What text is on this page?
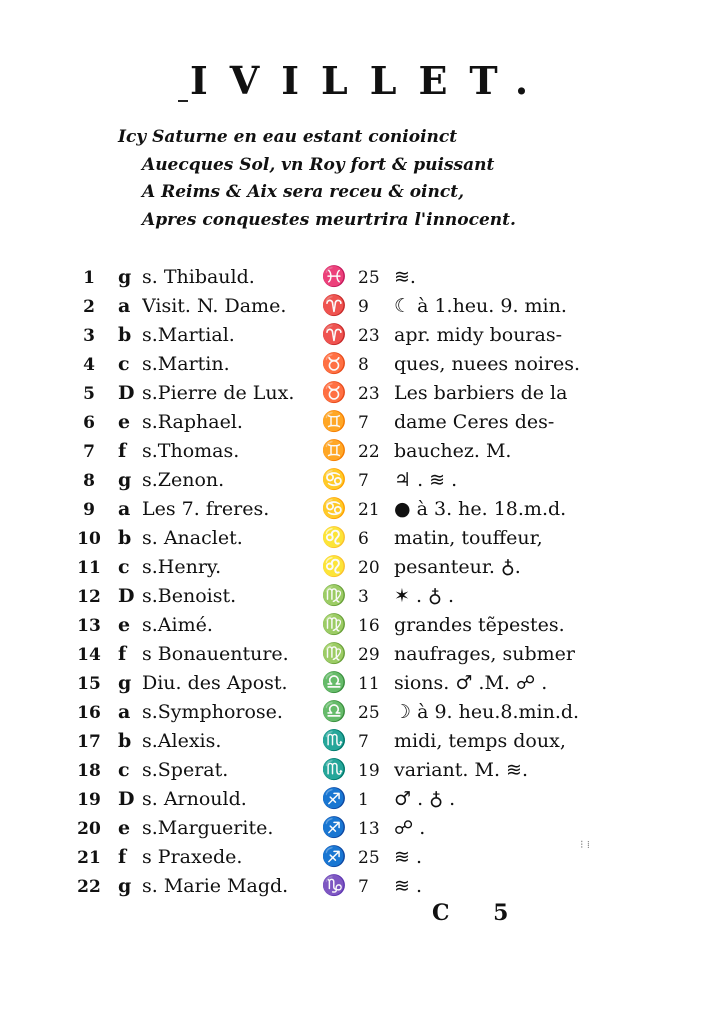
IVILLET.
Icy Saturne en eau estant conioinct
Auecques Sol, vn Roy fort & puissant
A Reims & Aix sera receu & oinct,
Apres conquestes meurtrira l'innocent.
1	g s. Thibauld.	♓ 25 ≋.
2	a Visit. N. Dame.	♈ 9	☾ à 1.heu. 9. min.
3	b s.Martial.	♈ 23 apr. midy bouras-
4	c s.Martin.	♉ 8	ques, nuees noires.
5	D s.Pierre de Lux.	♉ 23 Les barbiers de la
6	e s.Raphael.	♊ 7	dame Ceres des-
7	f s.Thomas.	♊ 22 bauchez. M.
8	g s.Zenon.	♋ 7	♃ . ≋ .
9	a Les 7. freres.	♋ 21 ● à 3. he. 18.m.d.
10 b s. Anaclet.	♌ 6	matin, touffeur,
11 c s.Henry.	♌ 20 pesanteur. ♁.
12 D s.Benoist.	♍ 3	✶ . ♁ .
13 e s.Aimé.	♍ 16 grandes tẽpestes.
14 f s Bonauenture.	♍ 29 naufrages, submer
15 g Diu. des Apost.	♎ 11 sions. ♂ .M. ☍ .
16 a s.Symphorose.	♎ 25 ☽ à 9. heu.8.min.d.
17 b s.Alexis.	♏ 7	midi, temps doux,
18 c s.Sperat.	♏ 19 variant. M. ≋.
19 D s. Arnould.	♐ 1	♂ . ♁ .
20 e s.Marguerite.	♐ 13 ☍ .
21 f s Praxede.	♐ 25 ≋ .
22 g s. Marie Magd.	♑ 7	≋ .
⁝ ⁞
C 5
